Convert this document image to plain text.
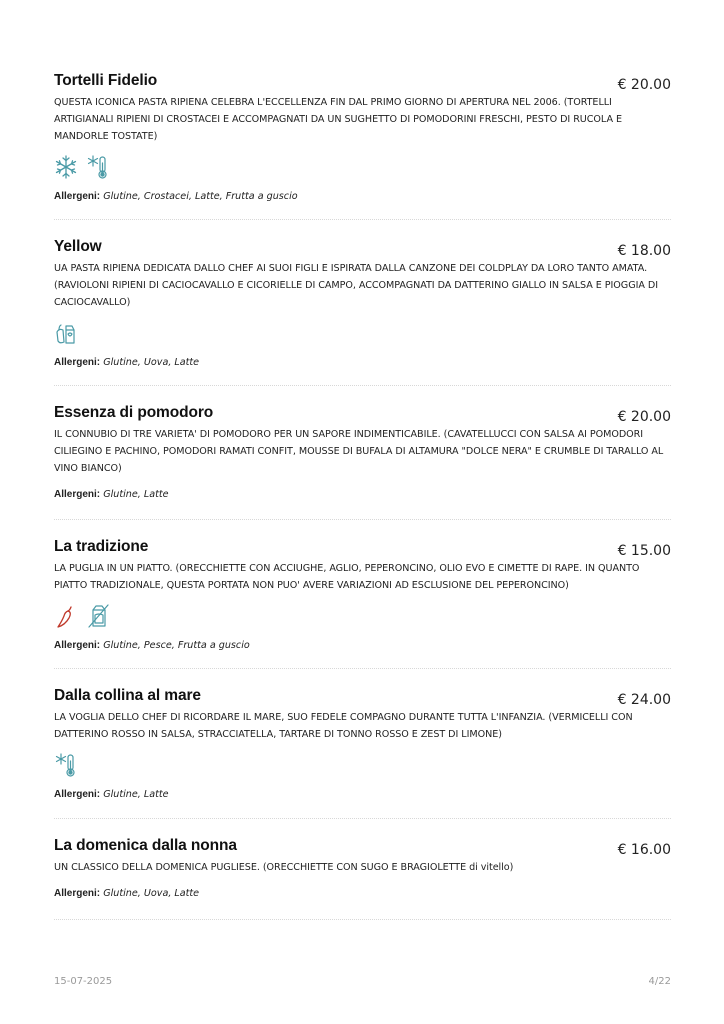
Tortelli Fidelio	€ 20.00

QUESTA ICONICA PASTA RIPIENA CELEBRA L'ECCELLENZA FIN DAL PRIMO GIORNO DI APERTURA NEL 2006. (TORTELLI ARTIGIANALI RIPIENI DI CROSTACEI E ACCOMPAGNATI DA UN SUGHETTO DI POMODORINI FRESCHI, PESTO DI RUCOLA E MANDORLE TOSTATE)

Allergeni: Glutine, Crostacei, Latte, Frutta a guscio

Yellow	€ 18.00

UA PASTA RIPIENA DEDICATA DALLO CHEF AI SUOI FIGLI E ISPIRATA DALLA CANZONE DEI COLDPLAY DA LORO TANTO AMATA. (RAVIOLONI RIPIENI DI CACIOCAVALLO E CICORIELLE DI CAMPO, ACCOMPAGNATI DA DATTERINO GIALLO IN SALSA E PIOGGIA DI CACIOCAVALLO)

Allergeni: Glutine, Uova, Latte

Essenza di pomodoro	€ 20.00

IL CONNUBIO DI TRE VARIETA' DI POMODORO PER UN SAPORE INDIMENTICABILE. (CAVATELLUCCI CON SALSA AI POMODORI CILIEGINO E PACHINO, POMODORI RAMATI CONFIT, MOUSSE DI BUFALA DI ALTAMURA "DOLCE NERA" E CRUMBLE DI TARALLO AL VINO BIANCO)

Allergeni: Glutine, Latte

La tradizione	€ 15.00

LA PUGLIA IN UN PIATTO. (ORECCHIETTE CON ACCIUGHE, AGLIO, PEPERONCINO, OLIO EVO E CIMETTE DI RAPE. IN QUANTO PIATTO TRADIZIONALE, QUESTA PORTATA NON PUO' AVERE VARIAZIONI AD ESCLUSIONE DEL PEPERONCINO)

Allergeni: Glutine, Pesce, Frutta a guscio

Dalla collina al mare	€ 24.00

LA VOGLIA DELLO CHEF DI RICORDARE IL MARE, SUO FEDELE COMPAGNO DURANTE TUTTA L'INFANZIA. (VERMICELLI CON DATTERINO ROSSO IN SALSA, STRACCIATELLA, TARTARE DI TONNO ROSSO E ZEST DI LIMONE)

Allergeni: Glutine, Latte

La domenica dalla nonna	€ 16.00

UN CLASSICO DELLA DOMENICA PUGLIESE. (ORECCHIETTE CON SUGO E BRAGIOLETTE di vitello)

Allergeni: Glutine, Uova, Latte

15-07-2025	4/22
